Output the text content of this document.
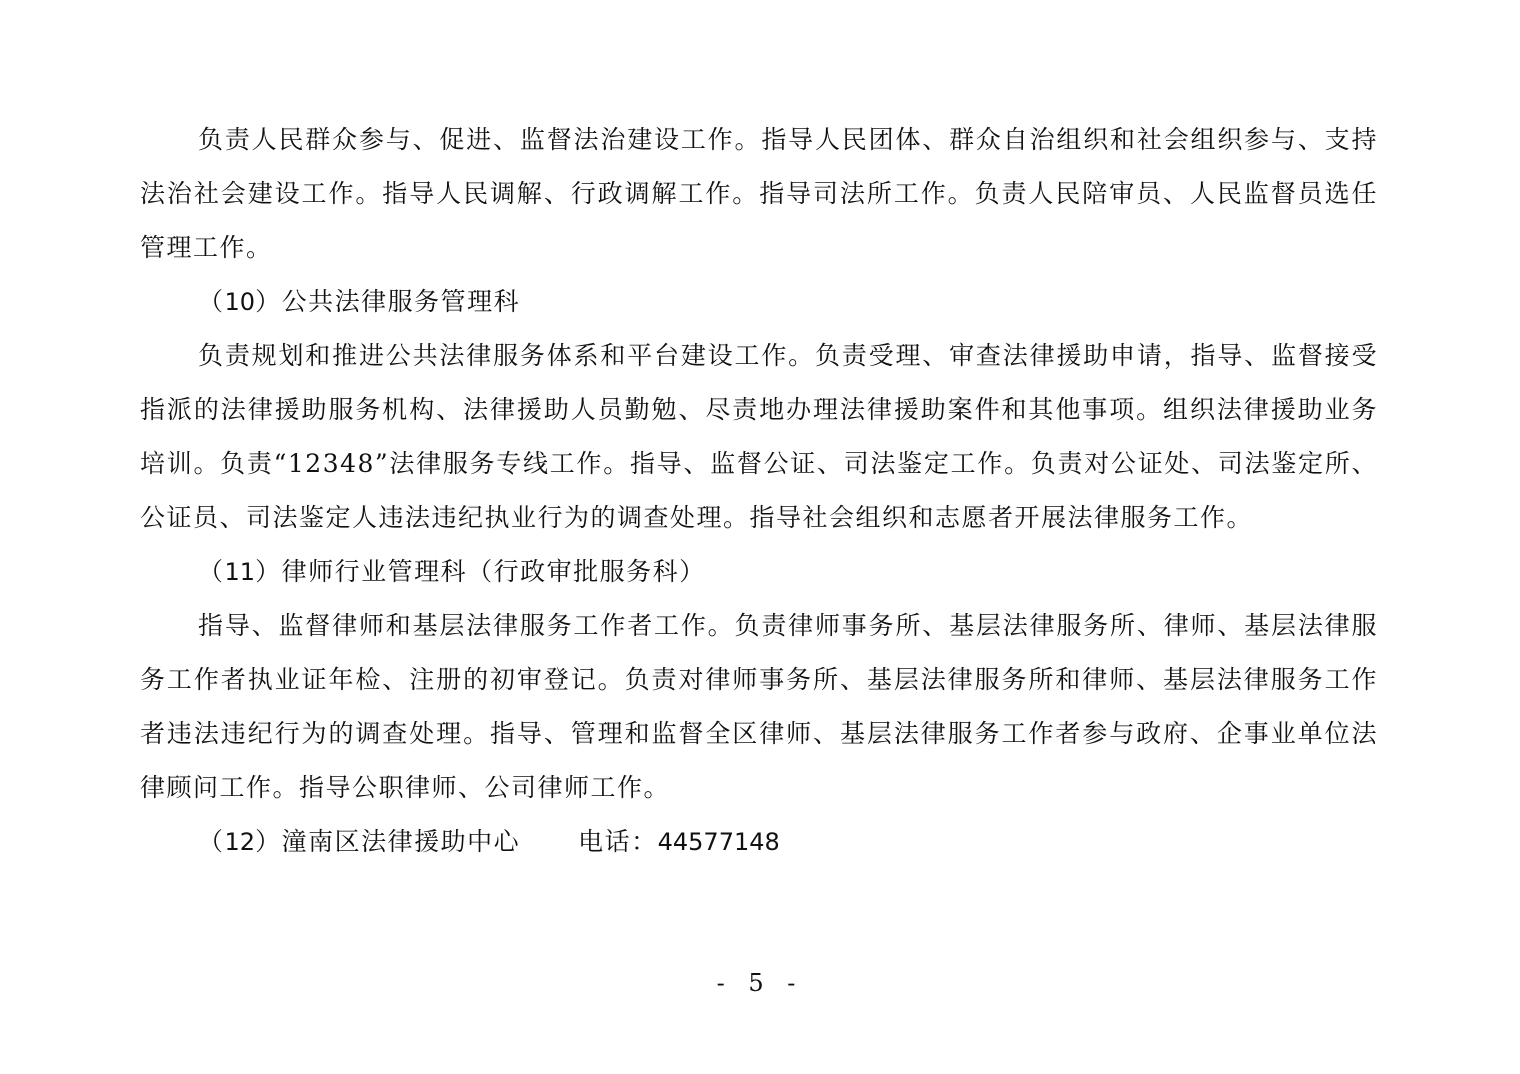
负责人民群众参与、促进、监督法治建设工作。指导人民团体、群众自治组织和社会组织参与、支持法治社会建设工作。指导人民调解、行政调解工作。指导司法所工作。负责人民陪审员、人民监督员选任管理工作。

（10）公共法律服务管理科

负责规划和推进公共法律服务体系和平台建设工作。负责受理、审查法律援助申请，指导、监督接受指派的法律援助服务机构、法律援助人员勤勉、尽责地办理法律援助案件和其他事项。组织法律援助业务培训。负责“12348”法律服务专线工作。指导、监督公证、司法鉴定工作。负责对公证处、司法鉴定所、公证员、司法鉴定人违法违纪执业行为的调查处理。指导社会组织和志愿者开展法律服务工作。

（11）律师行业管理科（行政审批服务科）

指导、监督律师和基层法律服务工作者工作。负责律师事务所、基层法律服务所、律师、基层法律服务工作者执业证年检、注册的初审登记。负责对律师事务所、基层法律服务所和律师、基层法律服务工作者违法违纪行为的调查处理。指导、管理和监督全区律师、基层法律服务工作者参与政府、企事业单位法律顾问工作。指导公职律师、公司律师工作。

（12）潼南区法律援助中心 电话：44577148

- 5 -
